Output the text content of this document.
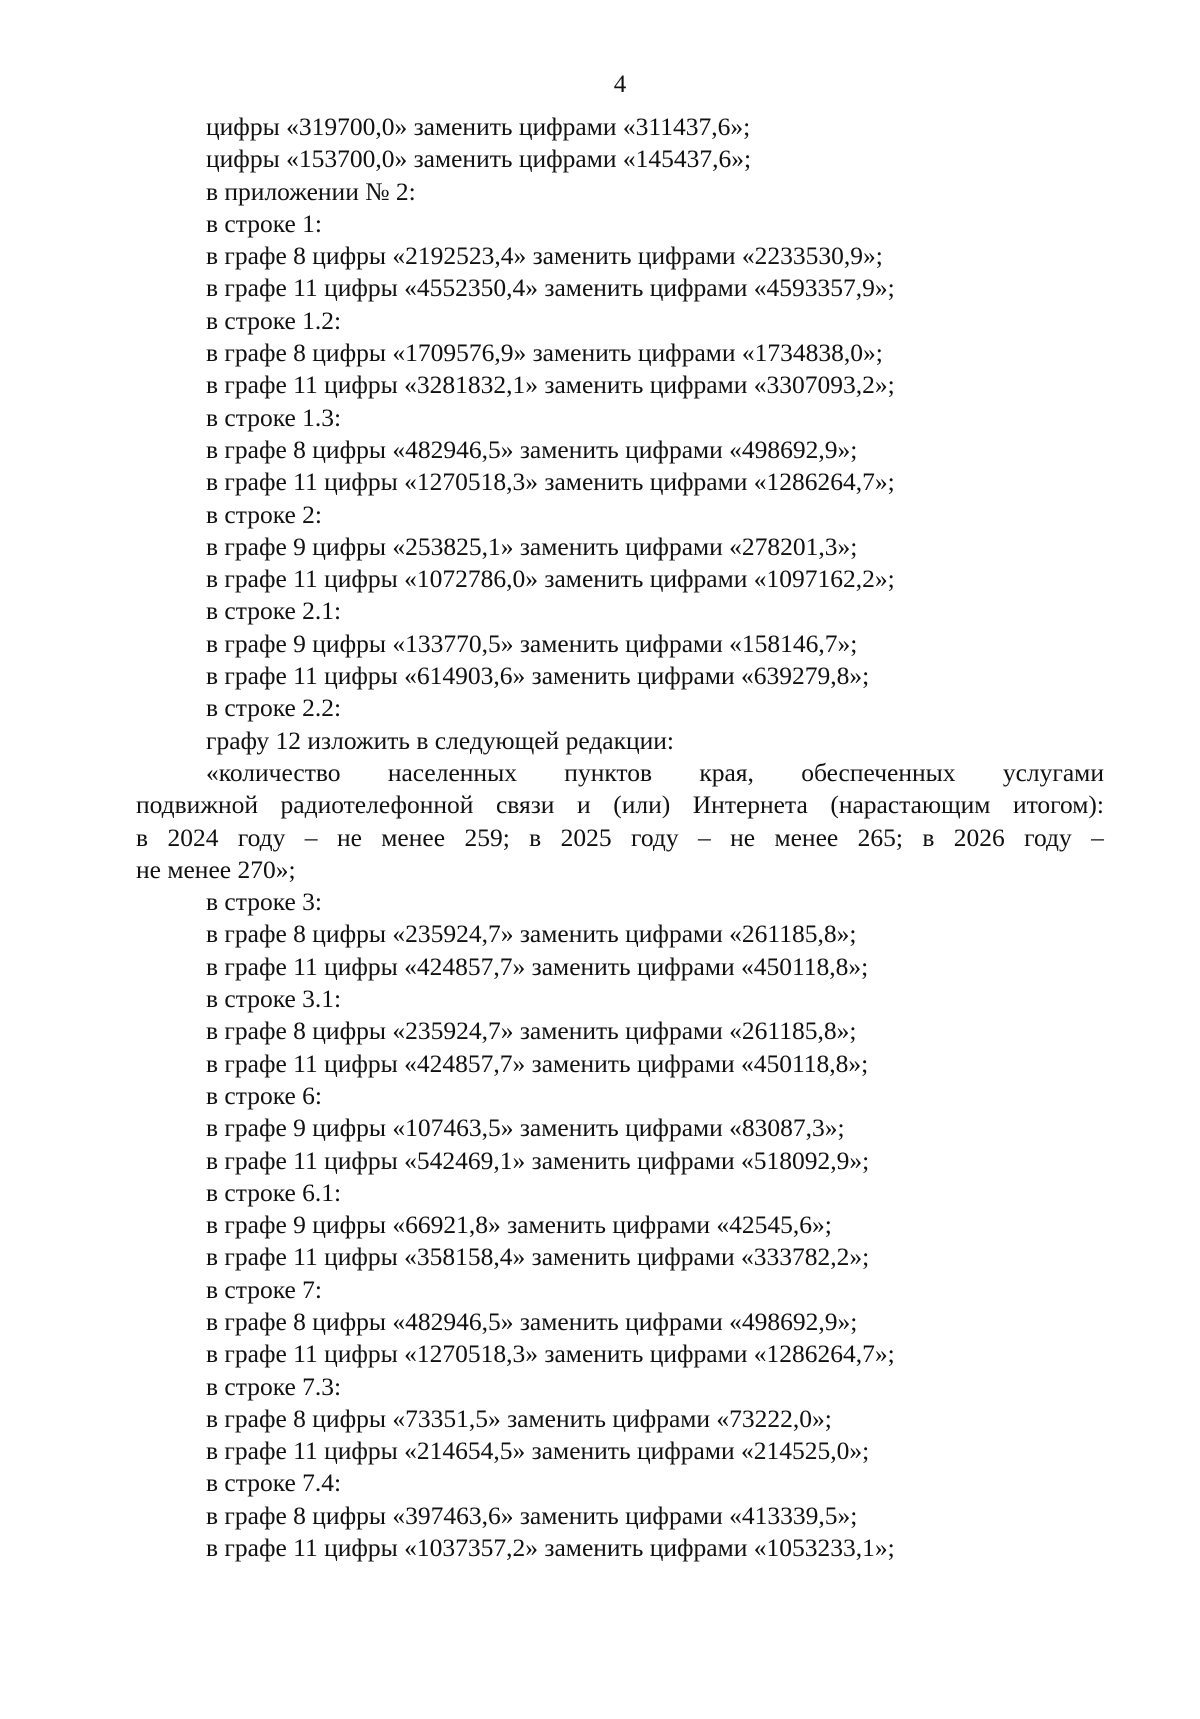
4
цифры «319700,0» заменить цифрами «311437,6»;
цифры «153700,0» заменить цифрами «145437,6»;
в приложении № 2:
в строке 1:
в графе 8 цифры «2192523,4» заменить цифрами «2233530,9»;
в графе 11 цифры «4552350,4» заменить цифрами «4593357,9»;
в строке 1.2:
в графе 8 цифры «1709576,9» заменить цифрами «1734838,0»;
в графе 11 цифры «3281832,1» заменить цифрами «3307093,2»;
в строке 1.3:
в графе 8 цифры «482946,5» заменить цифрами «498692,9»;
в графе 11 цифры «1270518,3» заменить цифрами «1286264,7»;
в строке 2:
в графе 9 цифры «253825,1» заменить цифрами «278201,3»;
в графе 11 цифры «1072786,0» заменить цифрами «1097162,2»;
в строке 2.1:
в графе 9 цифры «133770,5» заменить цифрами «158146,7»;
в графе 11 цифры «614903,6» заменить цифрами «639279,8»;
в строке 2.2:
графу 12 изложить в следующей редакции:
«количество населенных пунктов края, обеспеченных услугами
подвижной радиотелефонной связи и (или) Интернета (нарастающим итогом):
в 2024 году – не менее 259; в 2025 году – не менее 265; в 2026 году –
не менее 270»;
в строке 3:
в графе 8 цифры «235924,7» заменить цифрами «261185,8»;
в графе 11 цифры «424857,7» заменить цифрами «450118,8»;
в строке 3.1:
в графе 8 цифры «235924,7» заменить цифрами «261185,8»;
в графе 11 цифры «424857,7» заменить цифрами «450118,8»;
в строке 6:
в графе 9 цифры «107463,5» заменить цифрами «83087,3»;
в графе 11 цифры «542469,1» заменить цифрами «518092,9»;
в строке 6.1:
в графе 9 цифры «66921,8» заменить цифрами «42545,6»;
в графе 11 цифры «358158,4» заменить цифрами «333782,2»;
в строке 7:
в графе 8 цифры «482946,5» заменить цифрами «498692,9»;
в графе 11 цифры «1270518,3» заменить цифрами «1286264,7»;
в строке 7.3:
в графе 8 цифры «73351,5» заменить цифрами «73222,0»;
в графе 11 цифры «214654,5» заменить цифрами «214525,0»;
в строке 7.4:
в графе 8 цифры «397463,6» заменить цифрами «413339,5»;
в графе 11 цифры «1037357,2» заменить цифрами «1053233,1»;
